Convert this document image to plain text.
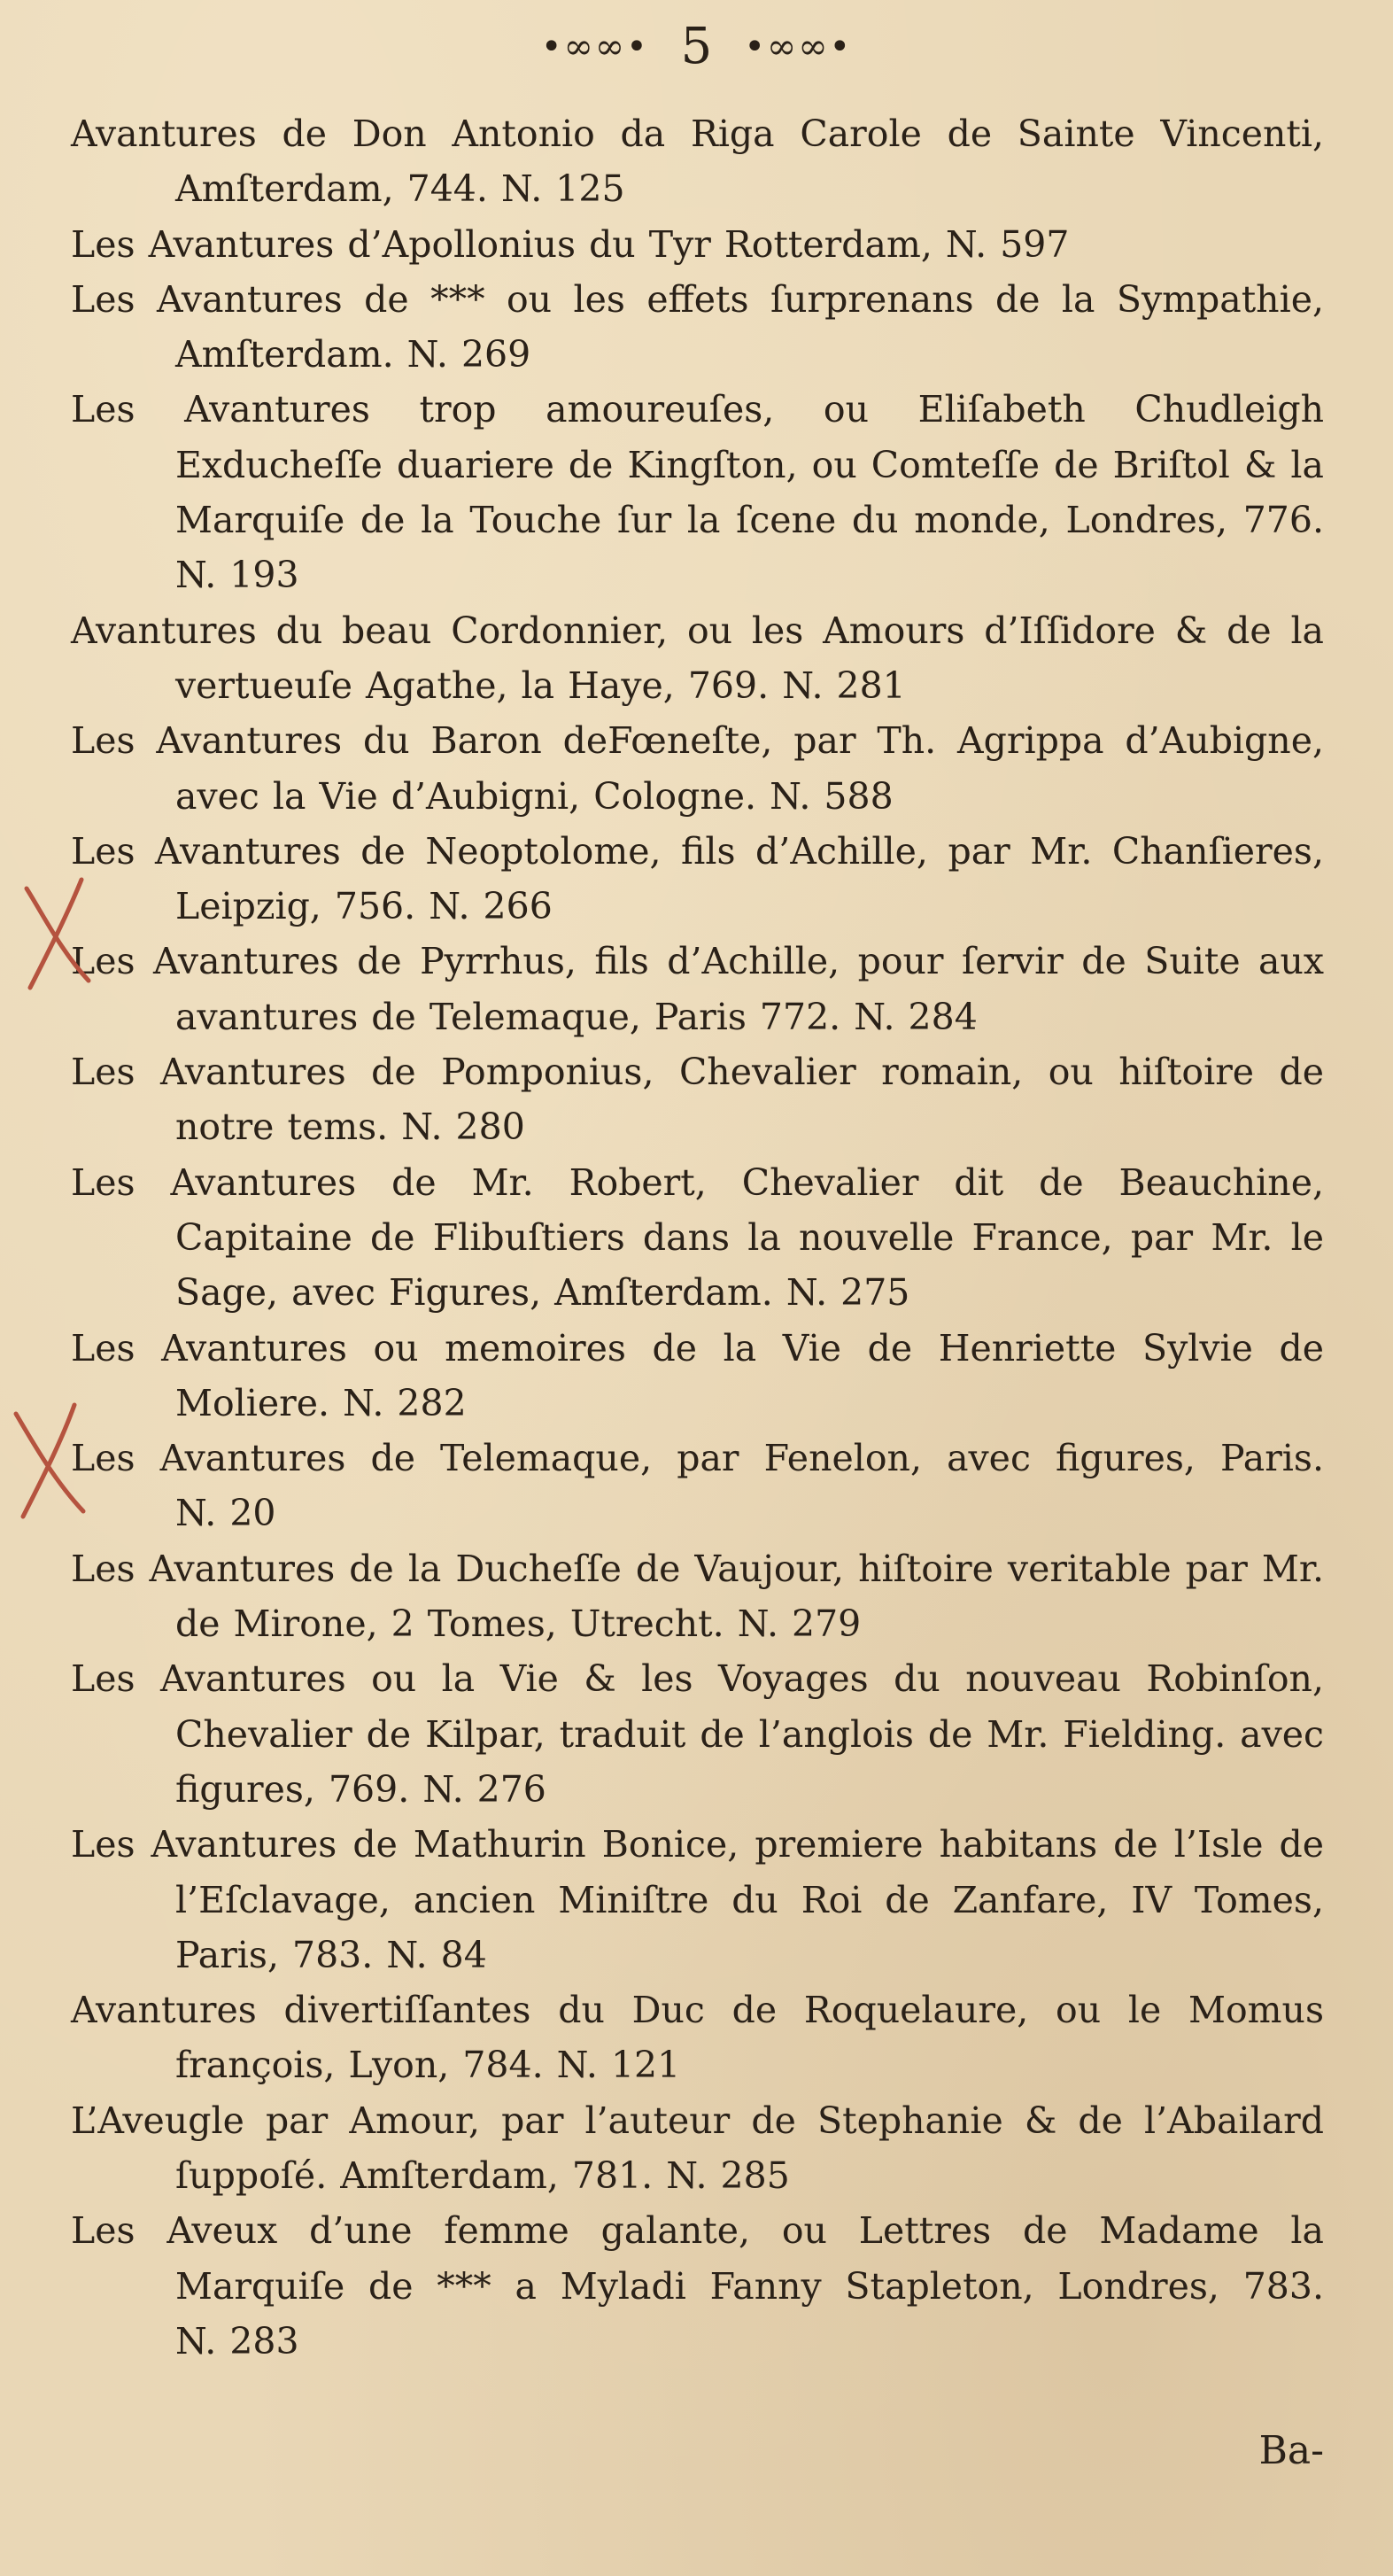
•∞∞• 5 •∞∞•
Avantures de Don Antonio da Riga Carole de Sainte Vincenti, Amſterdam, 744. N. 125
Les Avantures d’Apollonius du Tyr Rotterdam, N. 597
Les Avantures de *** ou les effets ſurprenans de la Sympathie, Amſterdam. N. 269
Les Avantures trop amoureuſes, ou Eliſabeth Chudleigh Exducheſſe duariere de Kingſton, ou Comteſſe de Briſtol & la Marquiſe de la Touche ſur la ſcene du monde, Londres, 776. N. 193
Avantures du beau Cordonnier, ou les Amours d’Iſſidore & de la vertueuſe Agathe, la Haye, 769. N. 281
Les Avantures du Baron deFœneſte, par Th. Agrippa d’Aubigne, avec la Vie d’Aubigni, Cologne. N. 588
Les Avantures de Neoptolome, fils d’Achille, par Mr. Chanſieres, Leipzig, 756. N. 266
Les Avantures de Pyrrhus, fils d’Achille, pour ſervir de Suite aux avantures de Telemaque, Paris 772. N. 284
Les Avantures de Pomponius, Chevalier romain, ou hiſtoire de notre tems. N. 280
Les Avantures de Mr. Robert, Chevalier dit de Beauchine, Capitaine de Flibuſtiers dans la nouvelle France, par Mr. le Sage, avec Figures, Amſterdam. N. 275
Les Avantures ou memoires de la Vie de Henriette Sylvie de Moliere. N. 282
Les Avantures de Telemaque, par Fenelon, avec figures, Paris. N. 20
Les Avantures de la Ducheſſe de Vaujour, hiſtoire veritable par Mr. de Mirone, 2 Tomes, Utrecht. N. 279
Les Avantures ou la Vie & les Voyages du nouveau Robinſon, Chevalier de Kilpar, traduit de l’anglois de Mr. Fielding. avec figures, 769. N. 276
Les Avantures de Mathurin Bonice, premiere habitans de l’Isle de l’Eſclavage, ancien Miniſtre du Roi de Zanfare, IV Tomes, Paris, 783. N. 84
Avantures divertiſſantes du Duc de Roquelaure, ou le Momus françois, Lyon, 784. N. 121
L’Aveugle par Amour, par l’auteur de Stephanie & de l’Abailard ſuppoſé. Amſterdam, 781. N. 285
Les Aveux d’une femme galante, ou Lettres de Madame la Marquiſe de *** a Myladi Fanny Stapleton, Londres, 783. N. 283
Ba-
